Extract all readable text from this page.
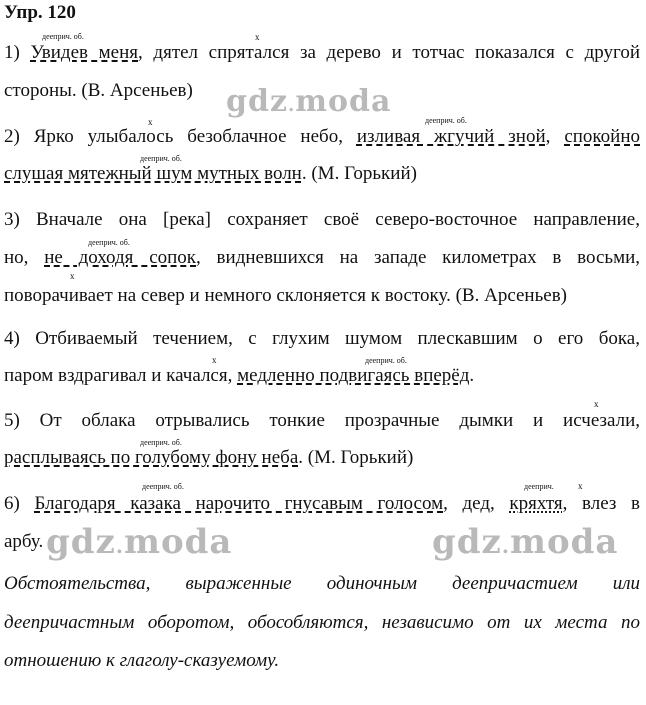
Упр. 120
дееприч. об.	х
1) Увидев меня, дятел спрятался за дерево и тотчас показался с другой
стороны. (В. Арсеньев) gdz.moda
х	дееприч. об.
2) Ярко улыбалось безоблачное небо, изливая жгучий зной, спокойно
дееприч. об.
слушая мятежный шум мутных волн. (М. Горький)
3) Вначале она [река] сохраняет своё северо-восточное направление,
дееприч. об.
но, не доходя сопок, видневшихся на западе километрах в восьми,
х
поворачивает на север и немного склоняется к востоку. (В. Арсеньев)
4) Отбиваемый течением, с глухим шумом плескавшим о его бока,
х	дееприч. об.
паром вздрагивал и качался, медленно подвигаясь вперёд.
х
5) От облака отрывались тонкие прозрачные дымки и исчезали,
дееприч. об.
расплываясь по голубому фону неба. (М. Горький)
дееприч. об.	дееприч.	х
6) Благодаря казака нарочито гнусавым голосом, дед, кряхтя, влез в
арбу. gdz.moda	gdz.moda
Обстоятельства, выраженные одиночным деепричастием или
деепричастным оборотом, обособляются, независимо от их места по
отношению к глаголу-сказуемому.
